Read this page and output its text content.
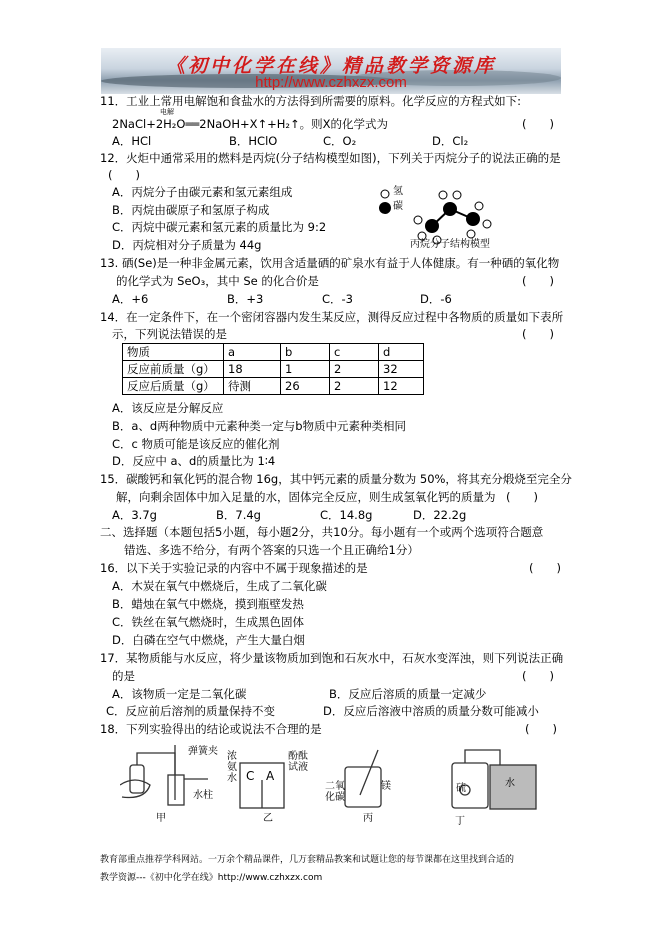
《初中化学在线》精品教学资源库
http://www.czhxzx.com
11．工业上常用电解饱和食盐水的方法得到所需要的原料。化学反应的方程式如下:
电解
2NaCl+2H₂O══2NaOH+X↑+H₂↑。则X的化学式为	(　　)
A．HCl	B．HClO	C．O₂	D．Cl₂
12．火炬中通常采用的燃料是丙烷(分子结构模型如图)，下列关于丙烷分子的说法正确的是
(　　)
A．丙烷分子由碳元素和氢元素组成
B．丙烷由碳原子和氢原子构成
C．丙烷中碳元素和氢元素的质量比为 9:2
D．丙烷相对分子质量为 44g
氢
碳
丙烷分子结构模型
13. 硒(Se)是一种非金属元素，饮用含适量硒的矿泉水有益于人体健康。有一种硒的氧化物
的化学式为 SeO₃，其中 Se 的化合价是	(　　)
A．+6	B．+3	C．-3	D．-6
14．在一定条件下，在一个密闭容器内发生某反应，测得反应过程中各物质的质量如下表所
示，下列说法错误的是	(　　)
物质	a	b	c	d
反应前质量（g）	18	1	2	32
反应后质量（g）	待测	26	2	12
A．该反应是分解反应
B．a、d两种物质中元素种类一定与b物质中元素种类相同
C．c 物质可能是该反应的催化剂
D．反应中 a、d的质量比为 1∶4
15．碳酸钙和氧化钙的混合物 16g，其中钙元素的质量分数为 50%，将其充分煅烧至完全分
解，向剩余固体中加入足量的水，固体完全反应，则生成氢氧化钙的质量为 (　　)
A．3.7g	B．7.4g	C．14.8g	D．22.2g
二、选择题（本题包括5小题，每小题2分，共10分。每小题有一个或两个选项符合题意
错选、多选不给分，有两个答案的只选一个且正确给1分）
16．以下关于实验记录的内容中不属于现象描述的是	(　　)
A．木炭在氧气中燃烧后，生成了二氧化碳
B．蜡烛在氧气中燃烧，摸到瓶壁发热
C．铁丝在氧气燃烧时，生成黑色固体
D．白磷在空气中燃烧，产生大量白烟
17．某物质能与水反应，将少量该物质加到饱和石灰水中，石灰水变浑浊，则下列说法正确
的是	(　　)
A．该物质一定是二氧化碳	B．反应后溶质的质量一定减少
C．反应前后溶剂的质量保持不变	D．反应后溶液中溶质的质量分数可能减小
18．下列实验得出的结论或说法不合理的是	(　　)
弹簧夹
水柱
浓氨水 C A
酚酞试液
二氧化碳
镁	硫	水
甲	乙	丙	丁
教育部重点推荐学科网站。一万余个精品课件，几万套精品教案和试题让您的每节课都在这里找到合适的
教学资源---《初中化学在线》http://www.czhxzx.com
